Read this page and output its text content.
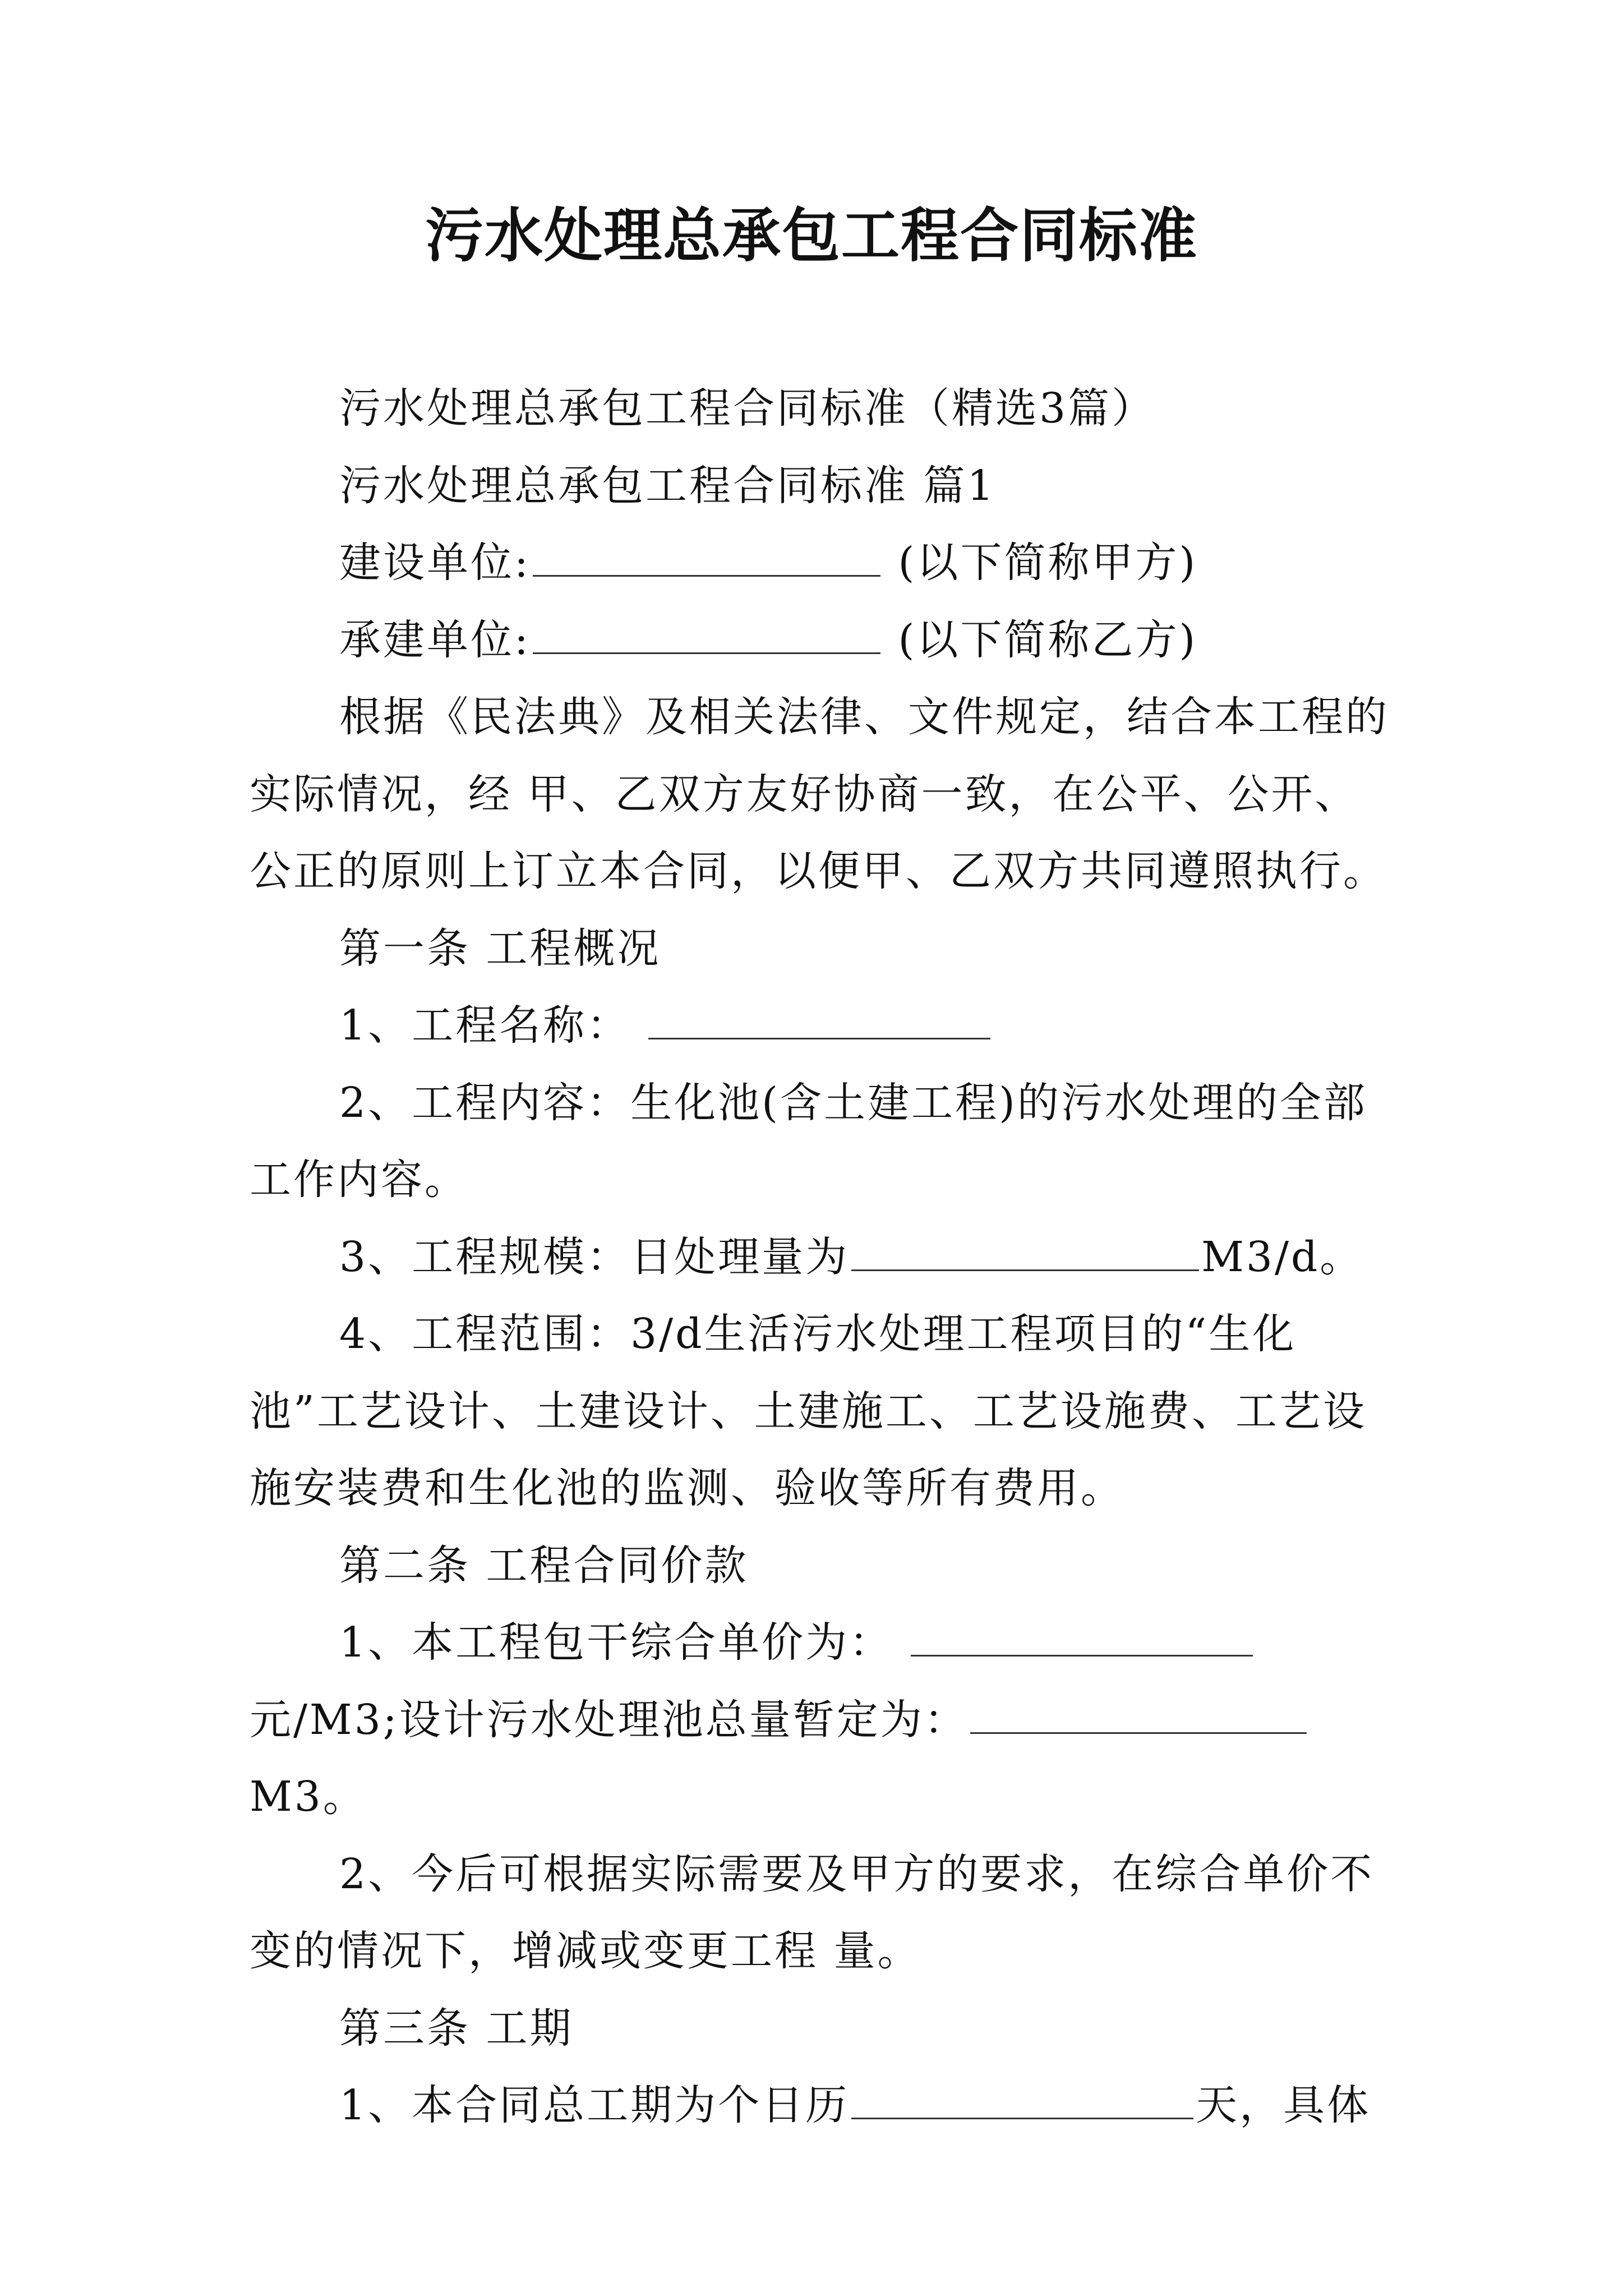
污水处理总承包工程合同标准

污水处理总承包工程合同标准（精选3篇）

污水处理总承包工程合同标准 篇1

建设单位:	(以下简称甲方)

承建单位:	(以下简称乙方)

根据《民法典》及相关法律、文件规定，结合本工程的实际情况，经 甲、乙双方友好协商一致，在公平、公开、公正的原则上订立本合同，以便甲、乙双方共同遵照执行。

第一条 工程概况

1、工程名称：

2、工程内容：生化池(含土建工程)的污水处理的全部工作内容。

3、工程规模：日处理量为	M3/d。

4、工程范围：3/d生活污水处理工程项目的“生化池”工艺设计、土建设计、土建施工、工艺设施费、工艺设施安装费和生化池的监测、验收等所有费用。

第二条 工程合同价款

1、本工程包干综合单价为： 元/M3;设计污水处理池总量暂定为：M3。

2、今后可根据实际需要及甲方的要求，在综合单价不变的情况下，增减或变更工程 量。

第三条 工期

1、本合同总工期为个日历	天，具体
